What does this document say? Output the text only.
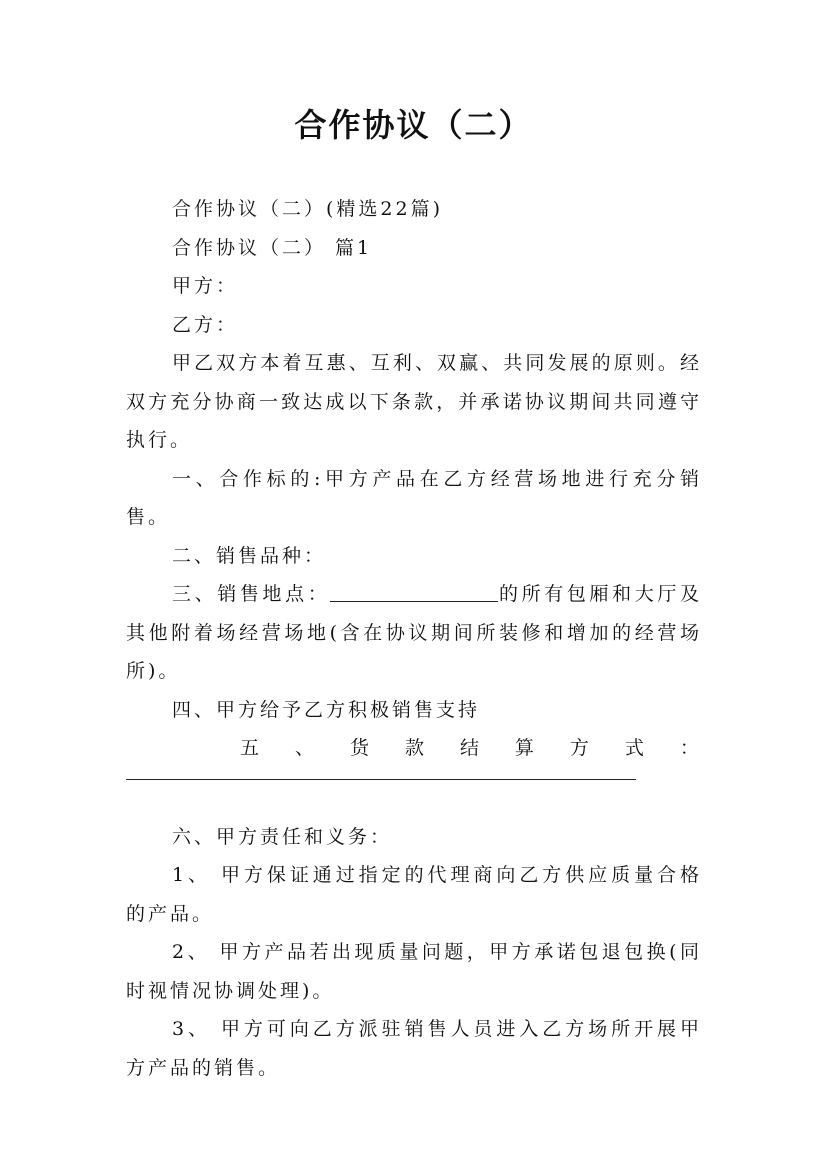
合作协议（二）

合作协议（二）(精选22篇)

合作协议（二） 篇1

甲方：

乙方：

甲乙双方本着互惠、互利、双赢、共同发展的原则。经双方充分协商一致达成以下条款，并承诺协议期间共同遵守执行。

一、合作标的:甲方产品在乙方经营场地进行充分销售。

二、销售品种：

三、销售地点：	的所有包厢和大厅及其他附着场经营场地(含在协议期间所装修和增加的经营场所)。

四、甲方给予乙方积极销售支持

五 、 货 款 结 算 方 式 ：

六、甲方责任和义务：

1、 甲方保证通过指定的代理商向乙方供应质量合格的产品。

2、 甲方产品若出现质量问题，甲方承诺包退包换(同时视情况协调处理)。

3、 甲方可向乙方派驻销售人员进入乙方场所开展甲方产品的销售。
